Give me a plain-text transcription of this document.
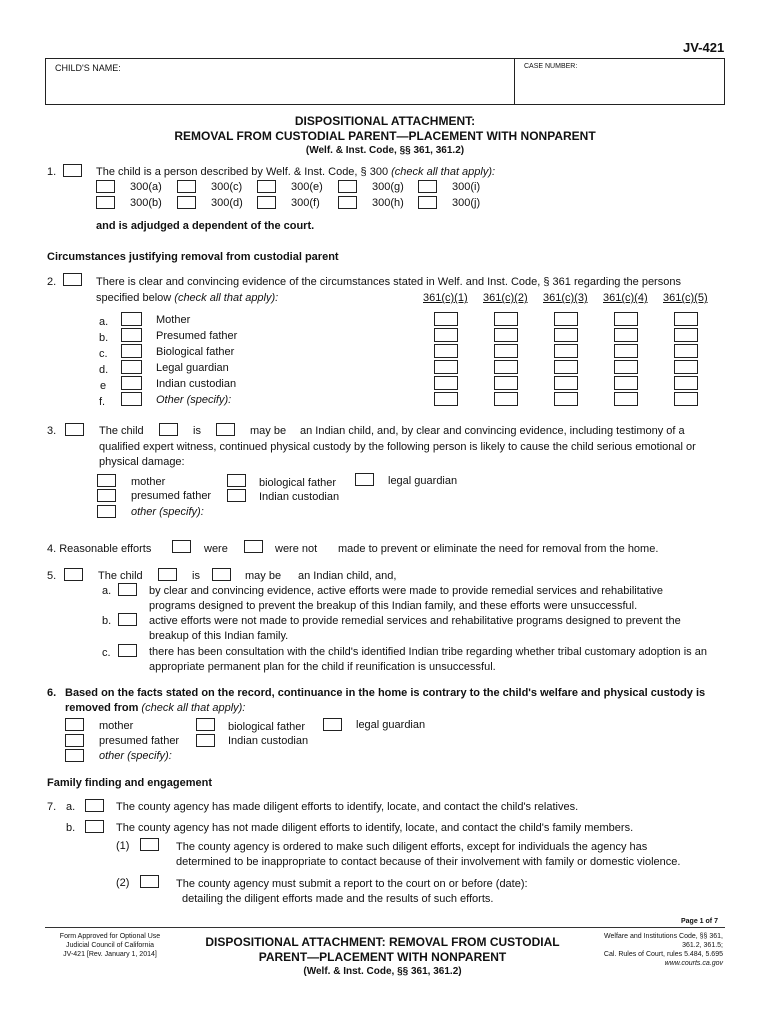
JV-421
CHILD'S NAME:	CASE NUMBER:
DISPOSITIONAL ATTACHMENT:
REMOVAL FROM CUSTODIAL PARENT—PLACEMENT WITH NONPARENT
(Welf. & Inst. Code, §§ 361, 361.2)
1.	The child is a person described by Welf. & Inst. Code, § 300 (check all that apply):
300(a)
300(b)
300(c)
300(d)
300(e)
300(f)
300(g)
300(h)
300(i)
300(j)
and is adjudged a dependent of the court.
Circumstances justifying removal from custodial parent
2.	There is clear and convincing evidence of the circumstances stated in Welf. and Inst. Code, § 361 regarding the persons
specified below (check all that apply):	361(c)(1) 361(c)(2) 361(c)(3) 361(c)(4) 361(c)(5)
a.	Mother
b.	Presumed father
c.	Biological father
d.	Legal guardian
e	Indian custodian
f.	Other (specify):
3.	The child	is	may be an Indian child, and, by clear and convincing evidence, including testimony of a
qualified expert witness, continued physical custody by the following person is likely to cause the child serious emotional or
physical damage:
mother
presumed father
other (specify):
biological father
Indian custodian
legal guardian
4. Reasonable efforts	were	were not made to prevent or eliminate the need for removal from the home.
5.	The child	is	may be an Indian child, and,
a.	by clear and convincing evidence, active efforts were made to provide remedial services and rehabilitative
programs designed to prevent the breakup of this Indian family, and these efforts were unsuccessful.
b.	active efforts were not made to provide remedial services and rehabilitative programs designed to prevent the
breakup of this Indian family.
c.	there has been consultation with the child's identified Indian tribe regarding whether tribal customary adoption is an
appropriate permanent plan for the child if reunification is unsuccessful.
6. Based on the facts stated on the record, continuance in the home is contrary to the child's welfare and physical custody is
removed from (check all that apply):
mother
presumed father
other (specify):
biological father
Indian custodian
legal guardian
Family finding and engagement
7. a.	The county agency has made diligent efforts to identify, locate, and contact the child's relatives.
b.	The county agency has not made diligent efforts to identify, locate, and contact the child's family members.
(1)	The county agency is ordered to make such diligent efforts, except for individuals the agency has
determined to be inappropriate to contact because of their involvement with family or domestic violence.
(2)	The county agency must submit a report to the court on or before (date):
detailing the diligent efforts made and the results of such efforts.
Page 1 of 7
Form Approved for Optional Use
Judicial Council of California
JV-421 [Rev. January 1, 2014]
DISPOSITIONAL ATTACHMENT: REMOVAL FROM CUSTODIAL
PARENT—PLACEMENT WITH NONPARENT
(Welf. & Inst. Code, §§ 361, 361.2)
Welfare and Institutions Code, §§ 361,
361.2, 361.5;
Cal. Rules of Court, rules 5.484, 5.695
www.courts.ca.gov
